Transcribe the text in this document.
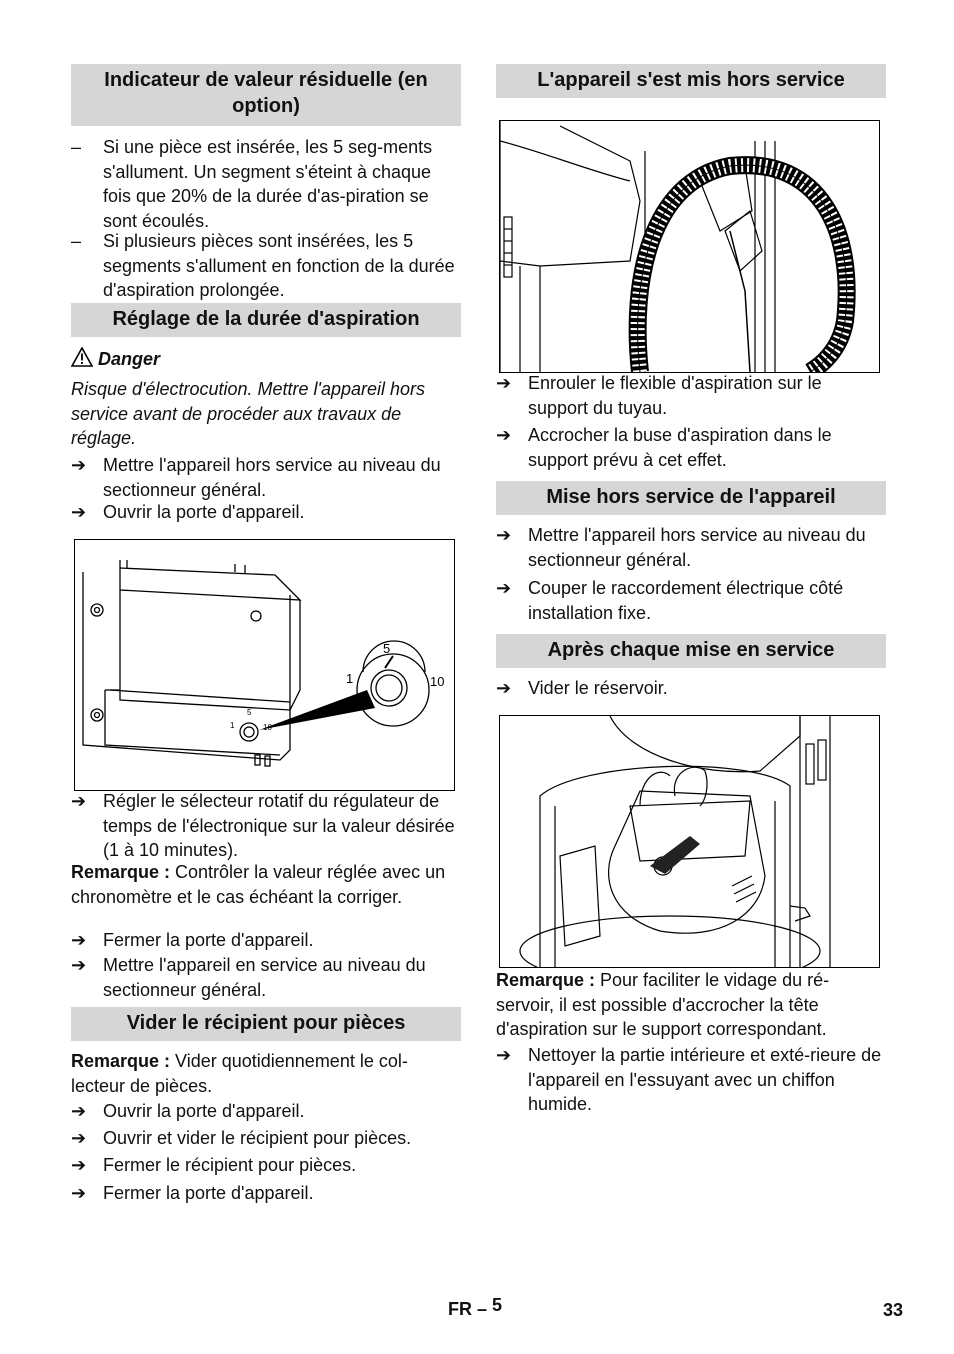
Indicateur de valeur résiduelle (en option)
–	Si une pièce est insérée, les 5 seg-ments s'allument. Un segment s'éteint à chaque fois que 20% de la durée d'as-piration se sont écoulés.
–	Si plusieurs pièces sont insérées, les 5 segments s'allument en fonction de la durée d'aspiration prolongée.
Réglage de la durée d'aspiration
Danger
Risque d'électrocution. Mettre l'appareil hors service avant de procéder aux travaux de réglage.
➔ Mettre l'appareil hors service au niveau du sectionneur général.
➔ Ouvrir la porte d'appareil.
5
1	10
5
1	10
➔ Régler le sélecteur rotatif du régulateur de temps de l'électronique sur la valeur désirée (1 à 10 minutes).
Remarque : Contrôler la valeur réglée avec un chronomètre et le cas échéant la corriger.
➔ Fermer la porte d'appareil.
➔ Mettre l'appareil en service au niveau du sectionneur général.
Vider le récipient pour pièces
Remarque : Vider quotidiennement le col-lecteur de pièces.
➔ Ouvrir la porte d'appareil.
➔ Ouvrir et vider le récipient pour pièces.
➔ Fermer le récipient pour pièces.
➔ Fermer la porte d'appareil.
L'appareil s'est mis hors service
➔ Enrouler le flexible d'aspiration sur le support du tuyau.
➔ Accrocher la buse d'aspiration dans le support prévu à cet effet.
Mise hors service de l'appareil
➔ Mettre l'appareil hors service au niveau du sectionneur général.
➔ Couper le raccordement électrique côté installation fixe.
Après chaque mise en service
➔ Vider le réservoir.
Remarque : Pour faciliter le vidage du ré-servoir, il est possible d'accrocher la tête d'aspiration sur le support correspondant.
➔ Nettoyer la partie intérieure et exté-rieure de l'appareil en l'essuyant avec un chiffon humide.
FR – 5	33
